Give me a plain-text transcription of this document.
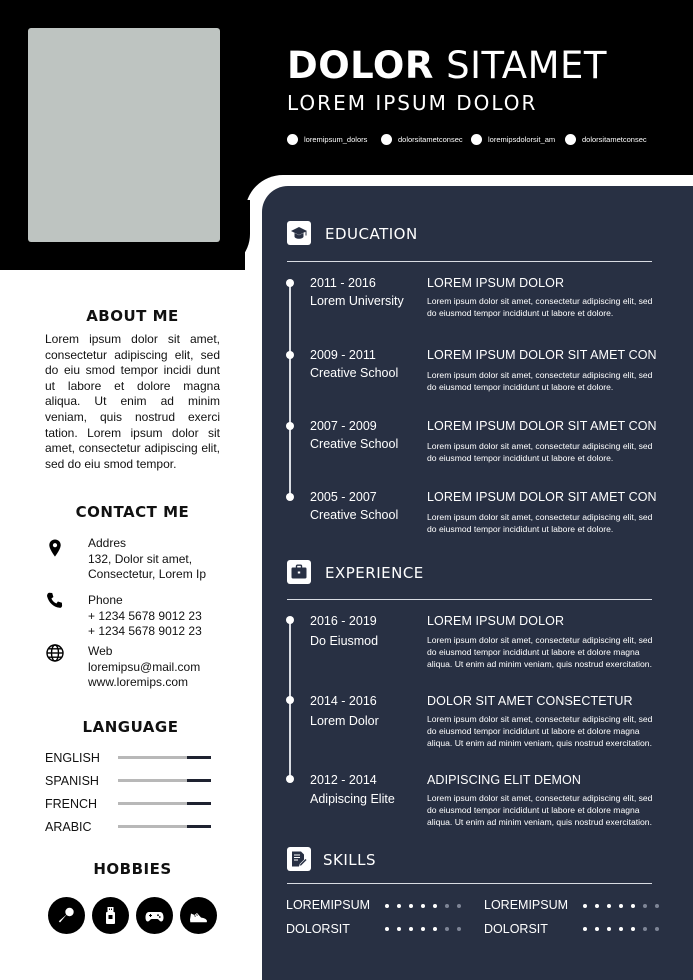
DOLOR SITAMET
LOREM IPSUM DOLOR
loremipsum_dolors	dolorsitametconsec	loremipsdolorsit_am	dolorsitametconsec
ABOUT ME
Lorem ipsum dolor sit amet, consectetur adipiscing elit, sed do eiu smod tempor incidi dunt ut labore et dolore magna aliqua. Ut enim ad minim veniam, quis nostrud exerci tation. Lorem ipsum dolor sit amet, consectetur adipiscing elit, sed do eiu smod tempor.
CONTACT ME
Addres
132, Dolor sit amet,
Consectetur, Lorem Ip
Phone
+ 1234 5678 9012 23
+ 1234 5678 9012 23
Web
loremipsu@mail.com
www.loremips.com
LANGUAGE
ENGLISH
SPANISH
FRENCH
ARABIC
HOBBIES
EDUCATION
2011 - 2016
Lorem University
LOREM IPSUM DOLOR
Lorem ipsum dolor sit amet, consectetur adipiscing elit, sed do eiusmod tempor incididunt ut labore et dolore.
2009 - 2011
Creative School
LOREM IPSUM DOLOR SIT AMET CON
Lorem ipsum dolor sit amet, consectetur adipiscing elit, sed do eiusmod tempor incididunt ut labore et dolore.
2007 - 2009
Creative School
LOREM IPSUM DOLOR SIT AMET CON
Lorem ipsum dolor sit amet, consectetur adipiscing elit, sed do eiusmod tempor incididunt ut labore et dolore.
2005 - 2007
Creative School
LOREM IPSUM DOLOR SIT AMET CON
Lorem ipsum dolor sit amet, consectetur adipiscing elit, sed do eiusmod tempor incididunt ut labore et dolore.
EXPERIENCE
2016 - 2019
Do Eiusmod
LOREM IPSUM DOLOR
Lorem ipsum dolor sit amet, consectetur adipiscing elit, sed do eiusmod tempor incididunt ut labore et dolore magna aliqua. Ut enim ad minim veniam, quis nostrud exercitation.
2014 - 2016
Lorem Dolor
DOLOR SIT AMET CONSECTETUR
Lorem ipsum dolor sit amet, consectetur adipiscing elit, sed do eiusmod tempor incididunt ut labore et dolore magna aliqua. Ut enim ad minim veniam, quis nostrud exercitation.
2012 - 2014
Adipiscing Elite
ADIPISCING ELIT DEMON
Lorem ipsum dolor sit amet, consectetur adipiscing elit, sed do eiusmod tempor incididunt ut labore et dolore magna aliqua. Ut enim ad minim veniam, quis nostrud exercitation.
SKILLS
LOREMIPSUM	LOREMIPSUM
DOLORSIT	DOLORSIT
